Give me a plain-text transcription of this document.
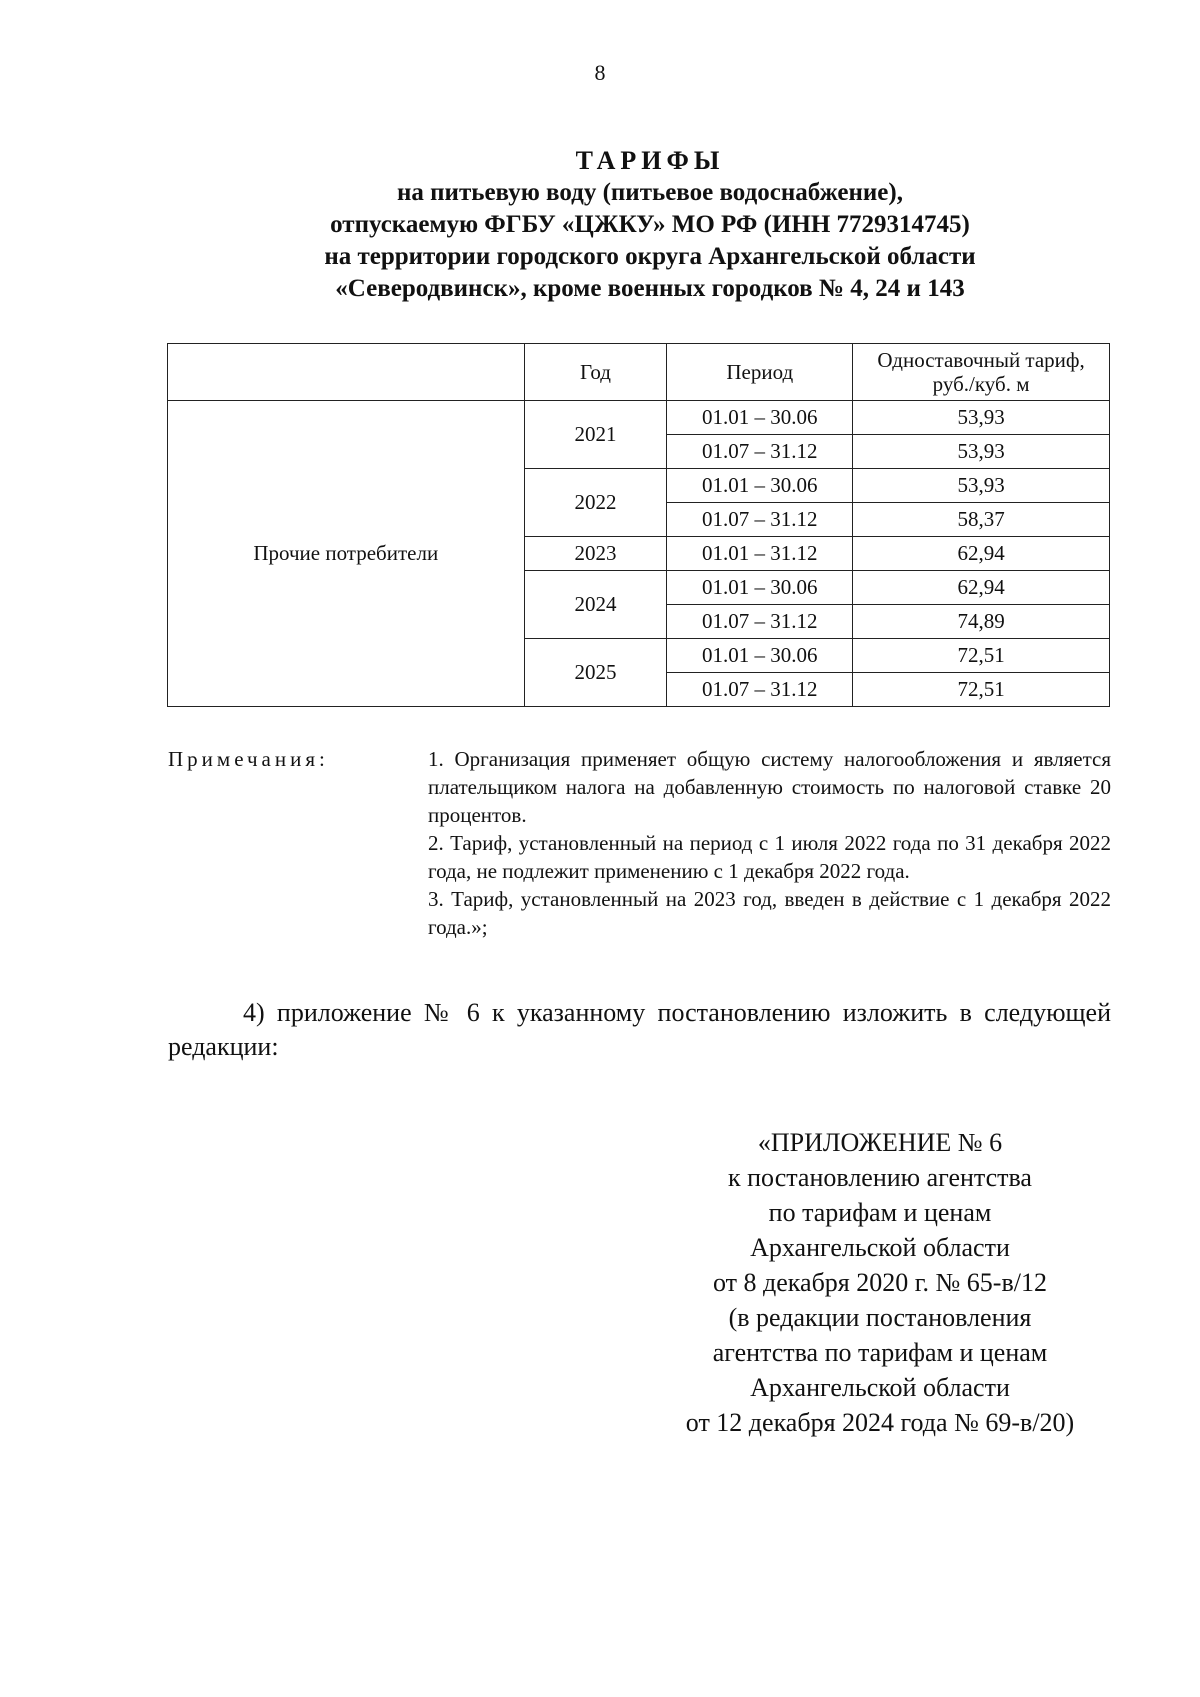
8
ТАРИФЫ
на питьевую воду (питьевое водоснабжение),
отпускаемую ФГБУ «ЦЖКУ» МО РФ (ИНН 7729314745)
на территории городского округа Архангельской области
«Северодвинск», кроме военных городков № 4, 24 и 143
	Год	Период	Одноставочный тариф,
руб./куб. м

Прочие потребители	2021	01.01 – 30.06	53,93
		01.07 – 31.12	53,93
	2022	01.01 – 30.06	53,93
		01.07 – 31.12	58,37
	2023	01.01 – 31.12	62,94
	2024	01.01 – 30.06	62,94
		01.07 – 31.12	74,89
	2025	01.01 – 30.06	72,51
		01.07 – 31.12	72,51
Примечания:	1. Организация применяет общую систему налогообложения и является плательщиком налога на добавленную стоимость по налоговой ставке 20 процентов.

2. Тариф, установленный на период с 1 июля 2022 года по 31 декабря 2022 года, не подлежит применению с 1 декабря 2022 года.

3. Тариф, установленный на 2023 год, введен в действие с 1 декабря 2022 года.»;

4) приложение № 6 к указанному постановлению изложить в следующей редакции:
«ПРИЛОЖЕНИЕ № 6
к постановлению агентства
по тарифам и ценам
Архангельской области
от 8 декабря 2020 г. № 65-в/12
(в редакции постановления
агентства по тарифам и ценам
Архангельской области
от 12 декабря 2024 года № 69-в/20)
